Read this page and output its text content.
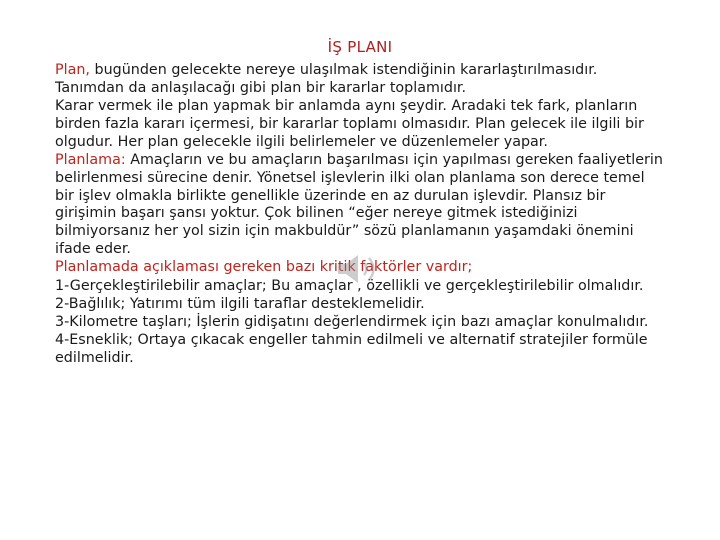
İŞ PLANI

Plan, bugünden gelecekte nereye ulaşılmak istendiğinin kararlaştırılmasıdır. Tanımdan da anlaşılacağı gibi plan bir kararlar toplamıdır.

Karar vermek ile plan yapmak bir anlamda aynı şeydir. Aradaki tek fark, planların birden fazla kararı içermesi, bir kararlar toplamı olmasıdır. Plan gelecek ile ilgili bir olgudur. Her plan gelecekle ilgili belirlemeler ve düzenlemeler yapar.

Planlama: Amaçların ve bu amaçların başarılması için yapılması gereken faaliyetlerin belirlenmesi sürecine denir. Yönetsel işlevlerin ilki olan planlama son derece temel bir işlev olmakla birlikte genellikle üzerinde en az durulan işlevdir. Plansız bir girişimin başarı şansı yoktur. Çok bilinen “eğer nereye gitmek istediğinizi bilmiyorsanız her yol sizin için makbuldür” sözü planlamanın yaşamdaki önemini ifade eder.

Planlamada açıklaması gereken bazı kritik faktörler vardır;

1-Gerçekleştirilebilir amaçlar; Bu amaçlar , özellikli ve gerçekleştirilebilir olmalıdır.

2-Bağlılık; Yatırımı tüm ilgili taraflar desteklemelidir.

3-Kilometre taşları; İşlerin gidişatını değerlendirmek için bazı amaçlar konulmalıdır.

4-Esneklik; Ortaya çıkacak engeller tahmin edilmeli ve alternatif stratejiler formüle edilmelidir.
